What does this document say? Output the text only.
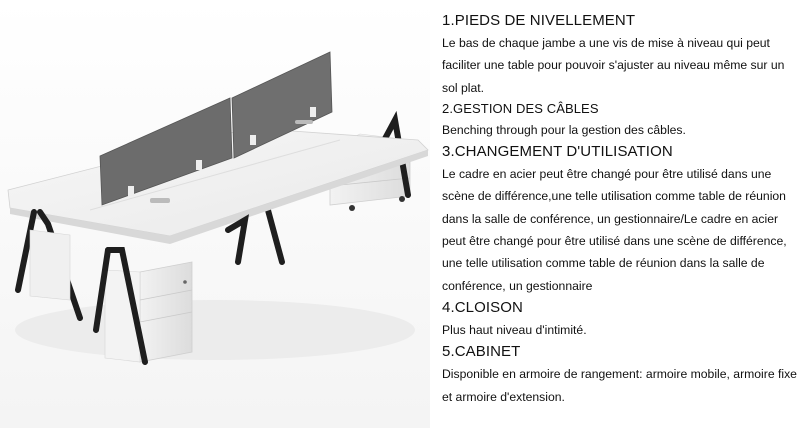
1.PIEDS DE NIVELLEMENT

Le bas de chaque jambe a une vis de mise à niveau qui peut faciliter une table pour pouvoir s'ajuster au niveau même sur un sol plat.

2.GESTION DES CÂBLES

Benching through pour la gestion des câbles.

3.CHANGEMENT D'UTILISATION

Le cadre en acier peut être changé pour être utilisé dans une scène de différence,une telle utilisation comme table de réunion dans la salle de conférence, un gestionnaire/Le cadre en acier peut être changé pour être utilisé dans une scène de différence, une telle utilisation comme table de réunion dans la salle de conférence, un gestionnaire

4.CLOISON

Plus haut niveau d'intimité.

5.CABINET

Disponible en armoire de rangement: armoire mobile, armoire fixe et armoire d'extension.
